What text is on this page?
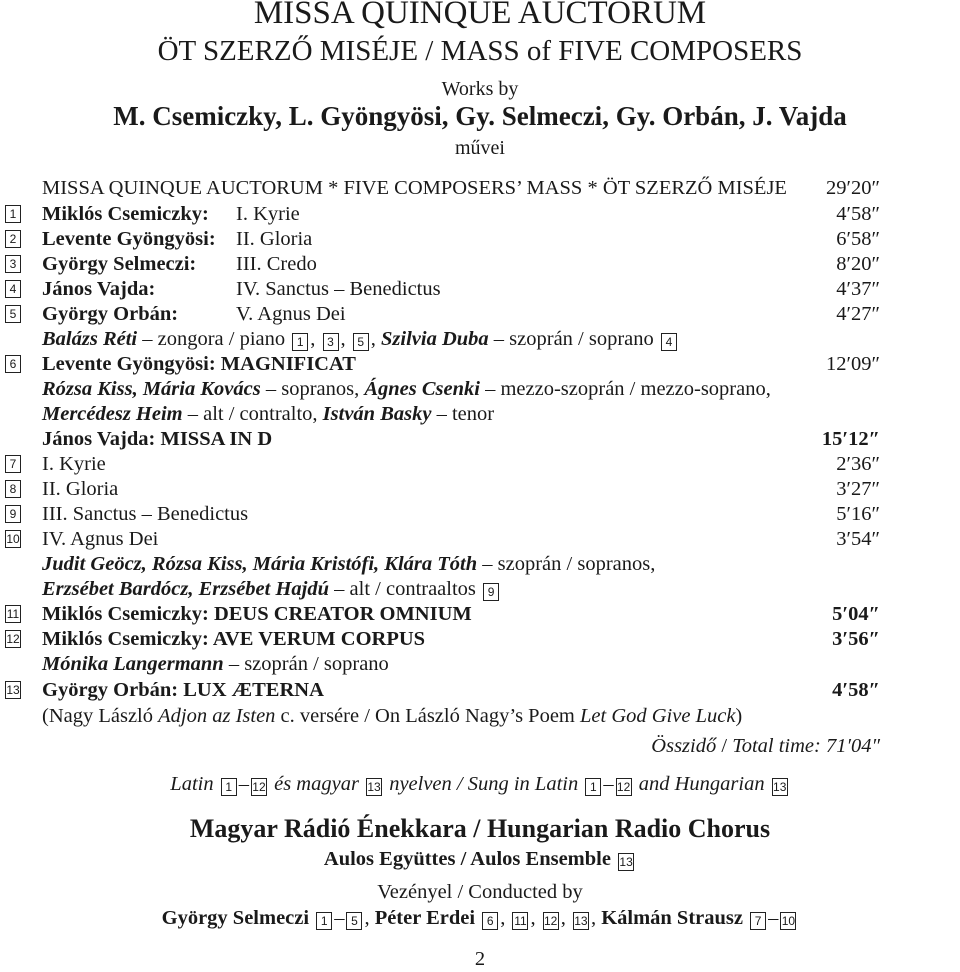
MISSA QUINQUE AUCTORUM
ÖT SZERZŐ MISÉJE / MASS of FIVE COMPOSERS
Works by
M. Csemiczky, L. Gyöngyösi, Gy. Selmeczi, Gy. Orbán, J. Vajda
művei
MISSA QUINQUE AUCTORUM * FIVE COMPOSERS’ MASS * ÖT SZERZŐ MISÉJE 29′20″
1 Miklós Csemiczky: I. Kyrie	4′58″
2 Levente Gyöngyösi: II. Gloria	6′58″
3 György Selmeczi: III. Credo	8′20″
4 János Vajda:	IV. Sanctus – Benedictus	4′37″
5 György Orbán:	V. Agnus Dei	4′27″
Balázs Réti – zongora / piano 1 , 3 , 5 , Szilvia Duba – szoprán / soprano 4
6 Levente Gyöngyösi: MAGNIFICAT	12′09″
Rózsa Kiss, Mária Kovács – sopranos, Ágnes Csenki – mezzo-szoprán / mezzo-soprano,
Mercédesz Heim – alt / contralto, István Basky – tenor
János Vajda: MISSA IN D	15′12″
7 I. Kyrie	2′36″
8 II. Gloria	3′27″
9 III. Sanctus – Benedictus	5′16″
10 IV. Agnus Dei	3′54″
Judit Geöcz, Rózsa Kiss, Mária Kristófi, Klára Tóth – szoprán / sopranos,
Erzsébet Bardócz, Erzsébet Hajdú – alt / contraaltos 9
11 Miklós Csemiczky: DEUS CREATOR OMNIUM	5′04″
12 Miklós Csemiczky: AVE VERUM CORPUS	3′56″
Mónika Langermann – szoprán / soprano
13 György Orbán: LUX ÆTERNA	4′58″
(Nagy László Adjon az Isten c. versére / On László Nagy’s Poem Let God Give Luck)
Összidő / Total time: 71′04″
Latin 1 – 12 és magyar 13 nyelven / Sung in Latin 1 – 12 and Hungarian 13
Magyar Rádió Énekkara / Hungarian Radio Chorus
Aulos Együttes / Aulos Ensemble 13
Vezényel / Conducted by
György Selmeczi 1 – 5 , Péter Erdei 6 , 11 , 12 , 13 , Kálmán Strausz 7 – 10
2
